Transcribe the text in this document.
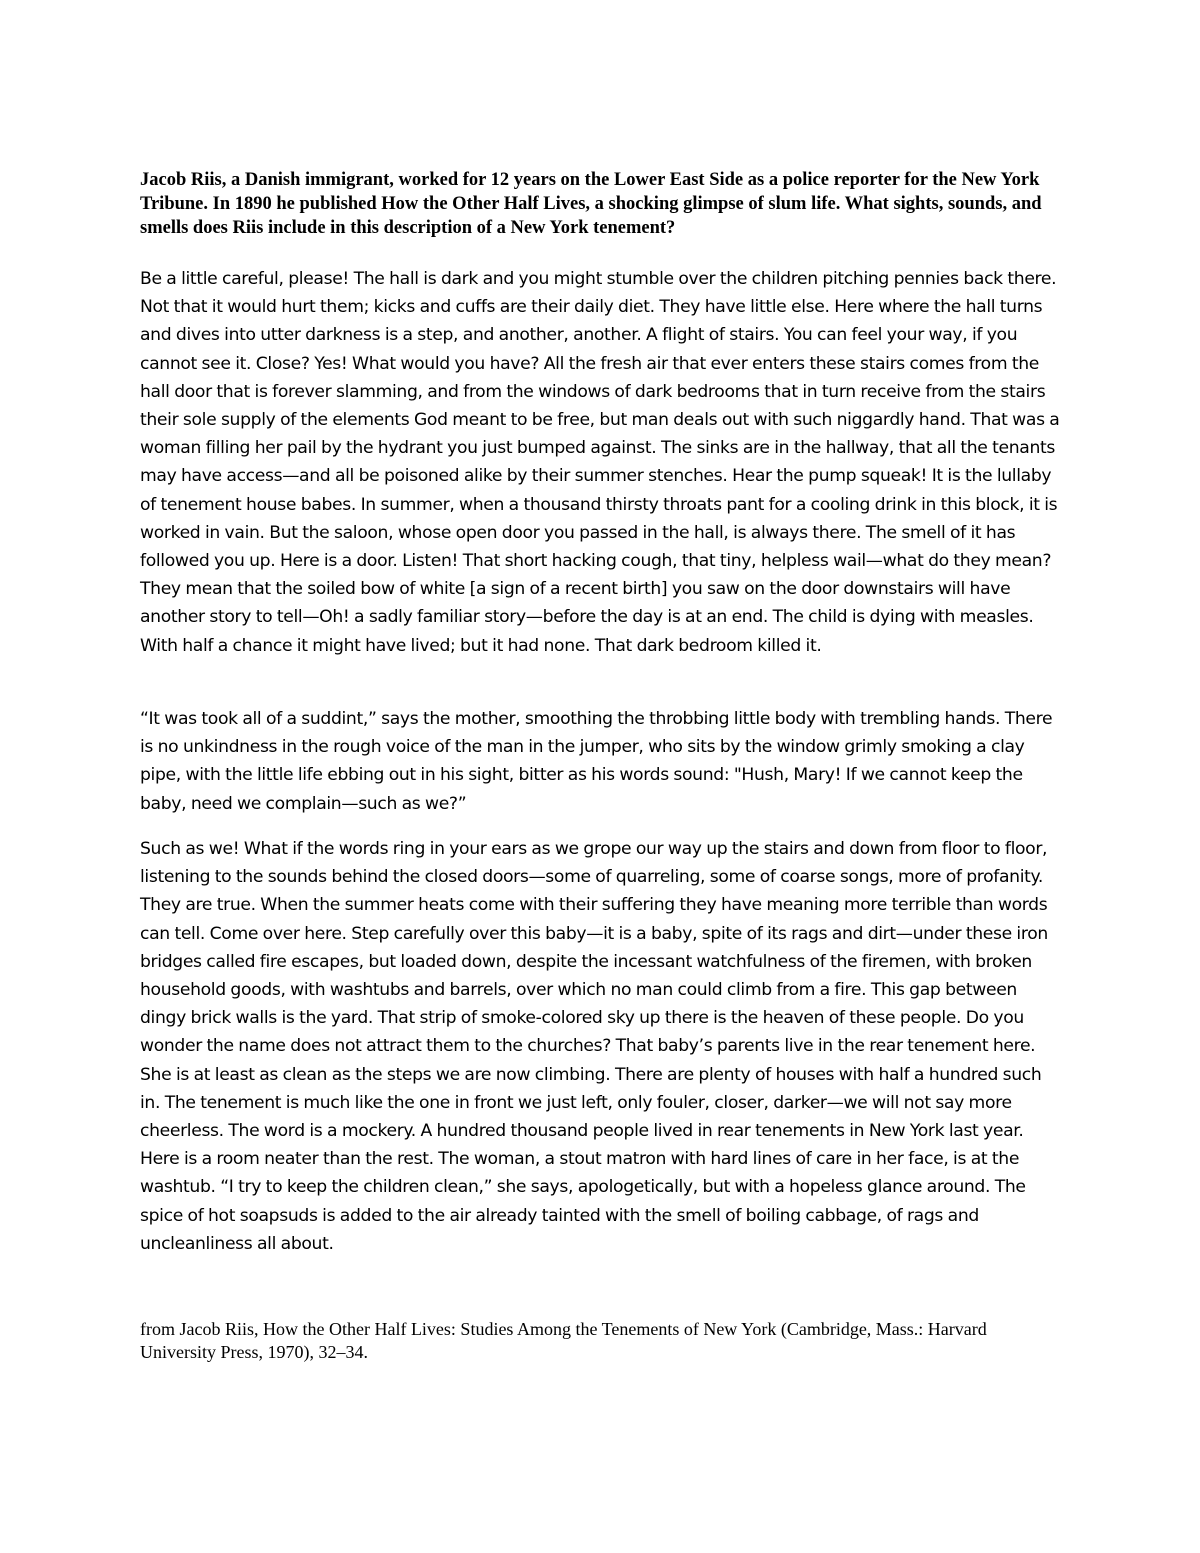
Jacob Riis, a Danish immigrant, worked for 12 years on the Lower East Side as a police reporter for the New York Tribune. In 1890 he published How the Other Half Lives, a shocking glimpse of slum life. What sights, sounds, and smells does Riis include in this description of a New York tenement?

Be a little careful, please! The hall is dark and you might stumble over the children pitching pennies back there. Not that it would hurt them; kicks and cuffs are their daily diet. They have little else. Here where the hall turns and dives into utter darkness is a step, and another, another. A flight of stairs. You can feel your way, if you cannot see it. Close? Yes! What would you have? All the fresh air that ever enters these stairs comes from the hall door that is forever slamming, and from the windows of dark bedrooms that in turn receive from the stairs their sole supply of the elements God meant to be free, but man deals out with such niggardly hand. That was a woman filling her pail by the hydrant you just bumped against. The sinks are in the hallway, that all the tenants may have access—and all be poisoned alike by their summer stenches. Hear the pump squeak! It is the lullaby of tenement house babes. In summer, when a thousand thirsty throats pant for a cooling drink in this block, it is worked in vain. But the saloon, whose open door you passed in the hall, is always there. The smell of it has followed you up. Here is a door. Listen! That short hacking cough, that tiny, helpless wail—what do they mean? They mean that the soiled bow of white [a sign of a recent birth] you saw on the door downstairs will have another story to tell—Oh! a sadly familiar story—before the day is at an end. The child is dying with measles. With half a chance it might have lived; but it had none. That dark bedroom killed it.

“It was took all of a suddint,” says the mother, smoothing the throbbing little body with trembling hands. There is no unkindness in the rough voice of the man in the jumper, who sits by the window grimly smoking a clay pipe, with the little life ebbing out in his sight, bitter as his words sound: "Hush, Mary! If we cannot keep the baby, need we complain—such as we?”

Such as we! What if the words ring in your ears as we grope our way up the stairs and down from floor to floor, listening to the sounds behind the closed doors—some of quarreling, some of coarse songs, more of profanity. They are true. When the summer heats come with their suffering they have meaning more terrible than words can tell. Come over here. Step carefully over this baby—it is a baby, spite of its rags and dirt—under these iron bridges called fire escapes, but loaded down, despite the incessant watchfulness of the firemen, with broken household goods, with washtubs and barrels, over which no man could climb from a fire. This gap between dingy brick walls is the yard. That strip of smoke-colored sky up there is the heaven of these people. Do you wonder the name does not attract them to the churches? That baby’s parents live in the rear tenement here. She is at least as clean as the steps we are now climbing. There are plenty of houses with half a hundred such in. The tenement is much like the one in front we just left, only fouler, closer, darker—we will not say more cheerless. The word is a mockery. A hundred thousand people lived in rear tenements in New York last year. Here is a room neater than the rest. The woman, a stout matron with hard lines of care in her face, is at the washtub. “I try to keep the children clean,” she says, apologetically, but with a hopeless glance around. The spice of hot soapsuds is added to the air already tainted with the smell of boiling cabbage, of rags and uncleanliness all about.

from Jacob Riis, How the Other Half Lives: Studies Among the Tenements of New York (Cambridge, Mass.: Harvard
University Press, 1970), 32–34.
